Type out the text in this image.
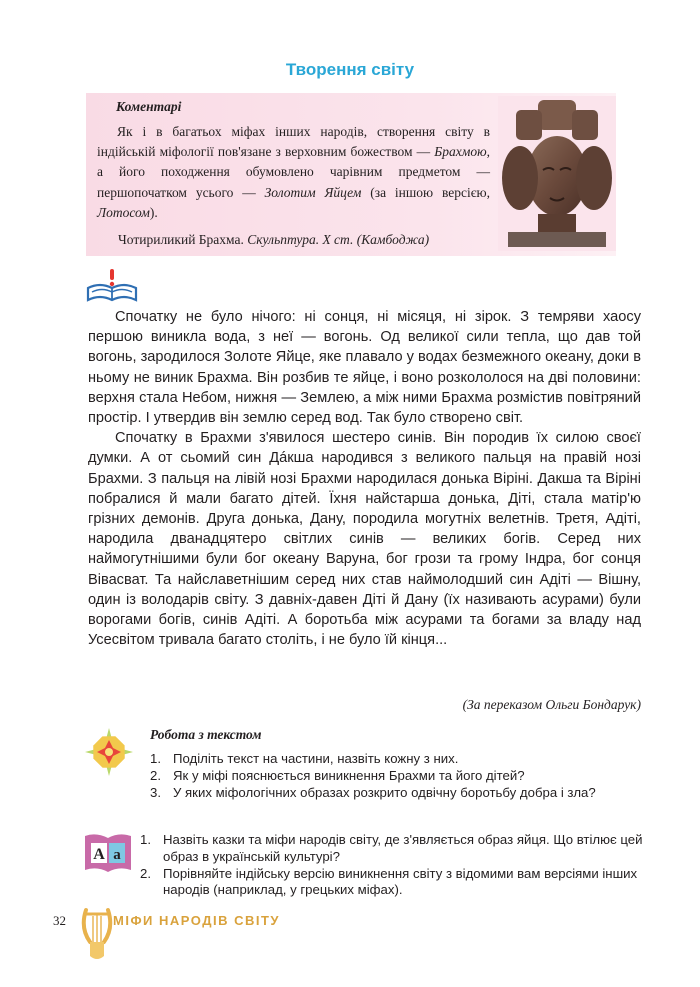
Творення світу
Коментарі

Як і в багатьох міфах інших народів, створення світу в індійській міфології пов'язане з верховним божеством — Брахмою, а його походження обумовлено чарівним предметом — першопочатком усього — Золотим Яйцем (за іншою версією, Лотосом).

Чотириликий Брахма. Скульптура. Х ст. (Камбоджа)

Спочатку не було нічого: ні сонця, ні місяця, ні зірок. З темряви хаосу першою виникла вода, з неї — вогонь. Од великої сили тепла, що дав той вогонь, зародилося Золоте Яйце, яке плавало у водах безмежного океану, доки в ньому не виник Брахма. Він розбив те яйце, і воно розкололося на дві половини: верхня стала Небом, нижня — Землею, а між ними Брахма розмістив повітряний простір. І утвердив він землю серед вод. Так було створено світ.

Спочатку в Брахми з'явилося шестеро синів. Він породив їх силою своєї думки. А от сьомий син Дáкша народився з великого пальця на правій нозі Брахми. З пальця на лівій нозі Брахми народилася донька Віріні. Дакша та Віріні побралися й мали багато дітей. Їхня найстарша донька, Діті, стала матір'ю грізних демонів. Друга донька, Дану, породила могутніх велетнів. Третя, Адіті, народила дванадцятеро світлих синів — великих богів. Серед них наймогутнішими були бог океану Варуна, бог грози та грому Індра, бог сонця Вівасват. Та найславетнішим серед них став наймолодший син Адіті — Вішну, один із володарів світу. З давніх-давен Діті й Дану (їх називають асурами) були ворогами богів, синів Адіті. А боротьба між асурами та богами за владу над Усесвітом тривала багато століть, і не було їй кінця...

(За переказом Ольги Бондарук)
Робота з текстом
1. Поділіть текст на частини, назвіть кожну з них.
2. Як у міфі пояснюється виникнення Брахми та його дітей?
3. У яких міфологічних образах розкрито одвічну боротьбу добра і зла?
А а
1. Назвіть казки та міфи народів світу, де з'являється образ яйця. Що втілює цей образ в українській культурі?
2. Порівняйте індійську версію виникнення світу з відомими вам версіями інших народів (наприклад, у грецьких міфах).
32	МІФИ НАРОДІВ СВІТУ
